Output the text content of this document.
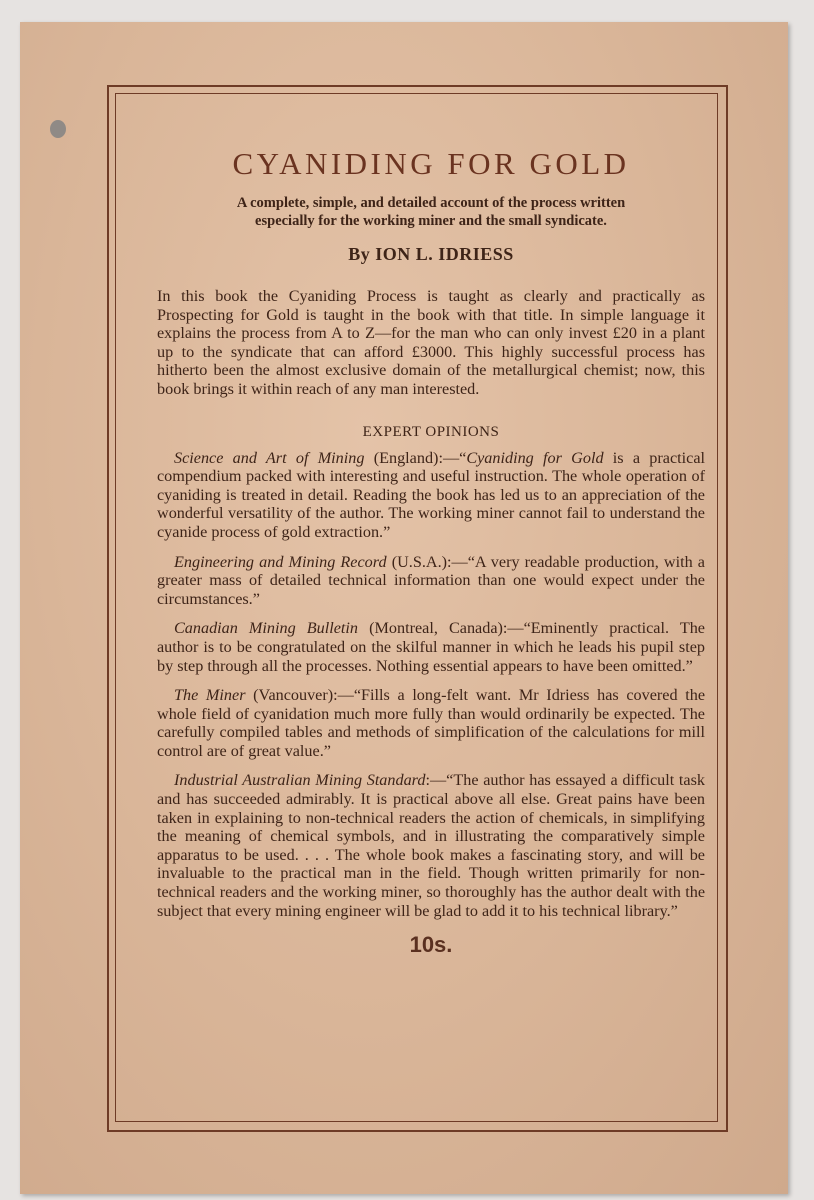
CYANIDING FOR GOLD
A complete, simple, and detailed account of the process written
especially for the working miner and the small syndicate.
By ION L. IDRIESS

In this book the Cyaniding Process is taught as clearly and practically as Prospecting for Gold is taught in the book with that title. In simple language it explains the process from A to Z—for the man who can only invest £20 in a plant up to the syndicate that can afford £3000. This highly successful process has hitherto been the almost exclusive domain of the metallurgical chemist; now, this book brings it within reach of any man interested.

EXPERT OPINIONS

Science and Art of Mining (England):—“Cyaniding for Gold is a practical compendium packed with interesting and useful instruction. The whole operation of cyaniding is treated in detail. Reading the book has led us to an appreciation of the wonderful versatility of the author. The working miner cannot fail to understand the cyanide process of gold extraction.”

Engineering and Mining Record (U.S.A.):—“A very readable production, with a greater mass of detailed technical information than one would expect under the circumstances.”

Canadian Mining Bulletin (Montreal, Canada):—“Eminently practical. The author is to be congratulated on the skilful manner in which he leads his pupil step by step through all the processes. Nothing essential appears to have been omitted.”

The Miner (Vancouver):—“Fills a long-felt want. Mr Idriess has covered the whole field of cyanidation much more fully than would ordinarily be expected. The carefully compiled tables and methods of simplification of the calculations for mill control are of great value.”

Industrial Australian Mining Standard:—“The author has essayed a difficult task and has succeeded admirably. It is practical above all else. Great pains have been taken in explaining to non-technical readers the action of chemicals, in simplifying the meaning of chemical symbols, and in illustrating the comparatively simple apparatus to be used. . . . The whole book makes a fascinating story, and will be invaluable to the practical man in the field. Though written primarily for non-technical readers and the working miner, so thoroughly has the author dealt with the subject that every mining engineer will be glad to add it to his technical library.”

10s.
